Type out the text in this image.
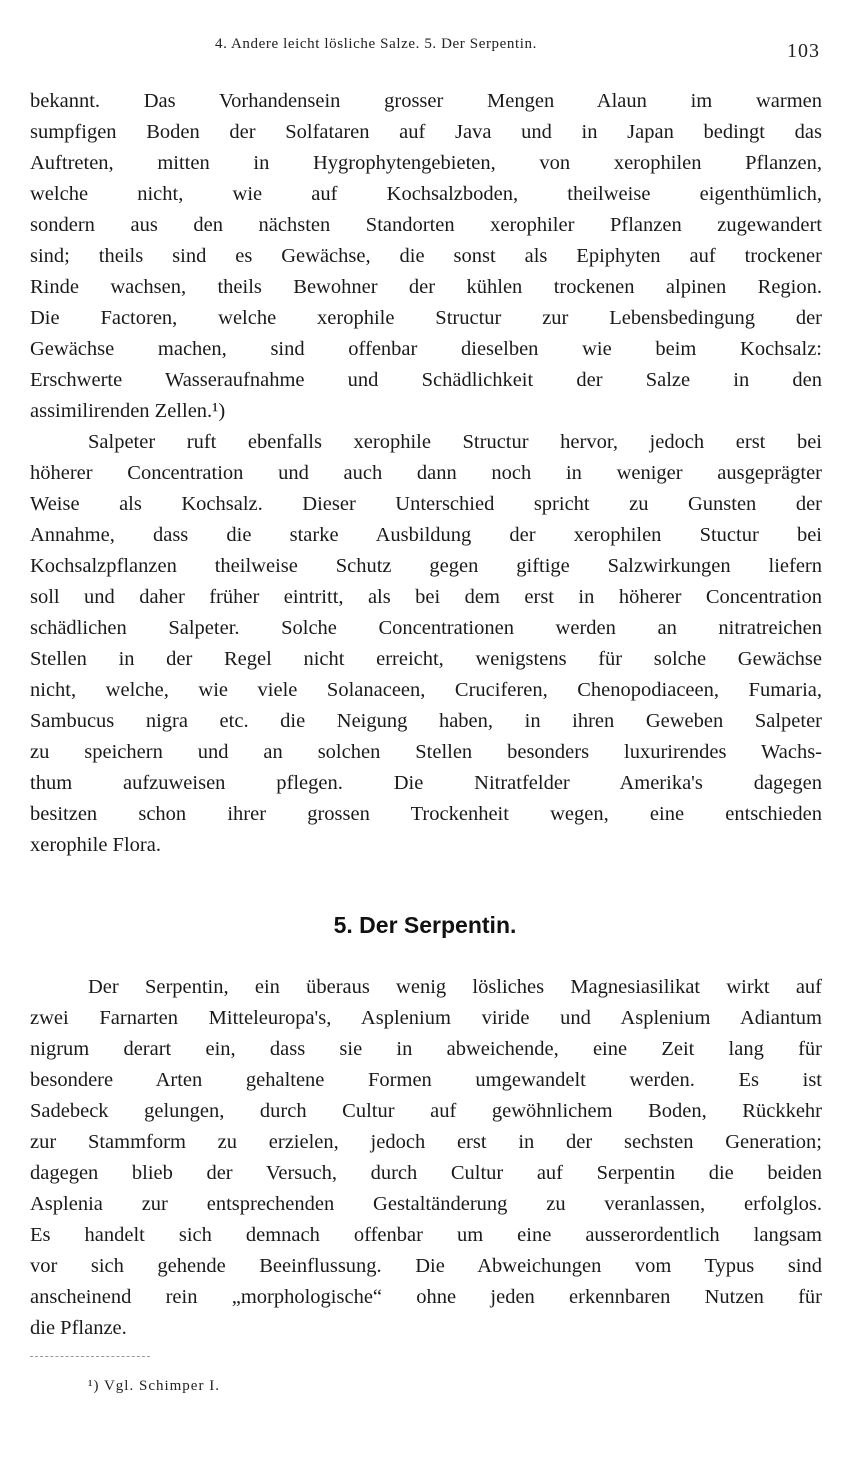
4. Andere leicht lösliche Salze. 5. Der Serpentin.	103
bekannt. Das Vorhandensein grosser Mengen Alaun im warmen
sumpfigen Boden der Solfataren auf Java und in Japan bedingt das
Auftreten, mitten in Hygrophytengebieten, von xerophilen Pflanzen,
welche nicht, wie auf Kochsalzboden, theilweise eigenthümlich,
sondern aus den nächsten Standorten xerophiler Pflanzen zugewandert
sind; theils sind es Gewächse, die sonst als Epiphyten auf trockener
Rinde wachsen, theils Bewohner der kühlen trockenen alpinen Region.
Die Factoren, welche xerophile Structur zur Lebensbedingung der
Gewächse machen, sind offenbar dieselben wie beim Kochsalz:
Erschwerte Wasseraufnahme und Schädlichkeit der Salze in den
assimilirenden Zellen.¹)
Salpeter ruft ebenfalls xerophile Structur hervor, jedoch erst bei
höherer Concentration und auch dann noch in weniger ausgeprägter
Weise als Kochsalz. Dieser Unterschied spricht zu Gunsten der
Annahme, dass die starke Ausbildung der xerophilen Stuctur bei
Kochsalzpflanzen theilweise Schutz gegen giftige Salzwirkungen liefern
soll und daher früher eintritt, als bei dem erst in höherer Concentration
schädlichen Salpeter. Solche Concentrationen werden an nitratreichen
Stellen in der Regel nicht erreicht, wenigstens für solche Gewächse
nicht, welche, wie viele Solanaceen, Cruciferen, Chenopodiaceen, Fumaria,
Sambucus nigra etc. die Neigung haben, in ihren Geweben Salpeter
zu speichern und an solchen Stellen besonders luxurirendes Wachs-
thum aufzuweisen pflegen. Die Nitratfelder Amerika's dagegen
besitzen schon ihrer grossen Trockenheit wegen, eine entschieden
xerophile Flora.
5. Der Serpentin.
Der Serpentin, ein überaus wenig lösliches Magnesiasilikat wirkt auf
zwei Farnarten Mitteleuropa's, Asplenium viride und Asplenium Adiantum
nigrum derart ein, dass sie in abweichende, eine Zeit lang für
besondere Arten gehaltene Formen umgewandelt werden. Es ist
Sadebeck gelungen, durch Cultur auf gewöhnlichem Boden, Rückkehr
zur Stammform zu erzielen, jedoch erst in der sechsten Generation;
dagegen blieb der Versuch, durch Cultur auf Serpentin die beiden
Asplenia zur entsprechenden Gestaltänderung zu veranlassen, erfolglos.
Es handelt sich demnach offenbar um eine ausserordentlich langsam
vor sich gehende Beeinflussung. Die Abweichungen vom Typus sind
anscheinend rein „morphologische“ ohne jeden erkennbaren Nutzen für
die Pflanze.
¹) Vgl. Schimper I.
